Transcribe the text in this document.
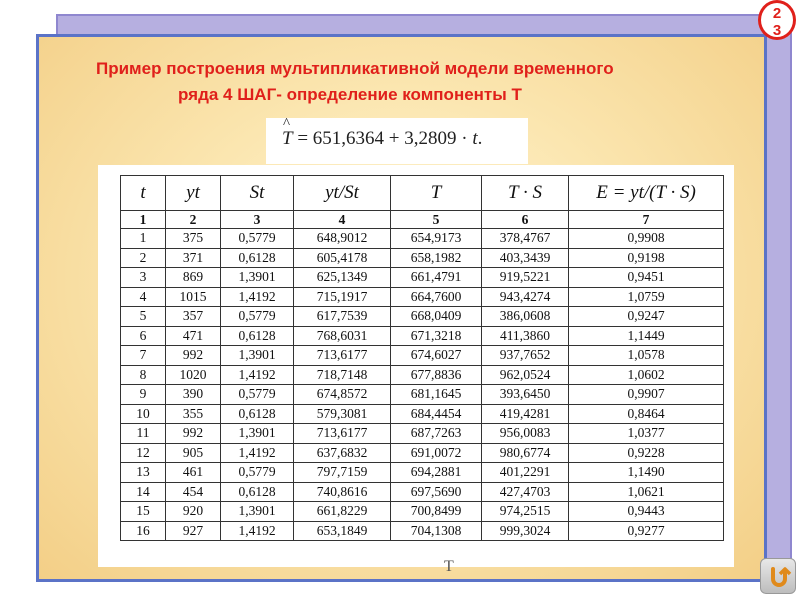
Пример построения мультипликативной модели временного
ряда 4 ШАГ- определение компоненты Т
^ T = 651,6364 + 3,2809 · t.
t	yt	St	yt/St	T	T · S	E = yt/(T · S)
1	2	3	4	5	6	7
1	375	0,5779	648,9012	654,9173	378,4767	0,9908
2	371	0,6128	605,4178	658,1982	403,3439	0,9198
3	869	1,3901	625,1349	661,4791	919,5221	0,9451
4	1015	1,4192	715,1917	664,7600	943,4274	1,0759
5	357	0,5779	617,7539	668,0409	386,0608	0,9247
6	471	0,6128	768,6031	671,3218	411,3860	1,1449
7	992	1,3901	713,6177	674,6027	937,7652	1,0578
8	1020	1,4192	718,7148	677,8836	962,0524	1,0602
9	390	0,5779	674,8572	681,1645	393,6450	0,9907
10	355	0,6128	579,3081	684,4454	419,4281	0,8464
11	992	1,3901	713,6177	687,7263	956,0083	1,0377
12	905	1,4192	637,6832	691,0072	980,6774	0,9228
13	461	0,5779	797,7159	694,2881	401,2291	1,1490
14	454	0,6128	740,8616	697,5690	427,4703	1,0621
15	920	1,3901	661,8229	700,8499	974,2515	0,9443
16	927	1,4192	653,1849	704,1308	999,3024	0,9277
2
3
